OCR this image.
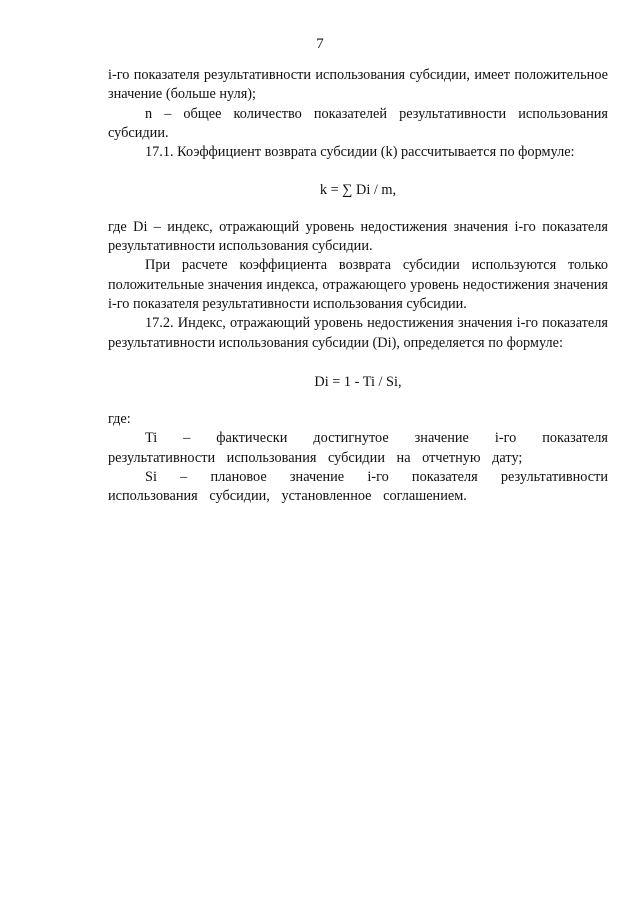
7

i-го показателя результативности использования субсидии, имеет положительное значение (больше нуля);

n – общее количество показателей результативности использования субсидии.

17.1. Коэффициент возврата субсидии (k) рассчитывается по формуле:

k = ∑ Di / m,

где Di – индекс, отражающий уровень недостижения значения i-го показателя результативности использования субсидии.

При расчете коэффициента возврата субсидии используются только положительные значения индекса, отражающего уровень недостижения значения i-го показателя результативности использования субсидии.

17.2. Индекс, отражающий уровень недостижения значения i-го показателя результативности использования субсидии (Di), определяется по формуле:

Di = 1 - Ti / Si,

где:

Ti – фактически достигнутое значение i-го показателя результативности использования субсидии на отчетную дату;

Si – плановое значение i-го показателя результативности использования субсидии, установленное соглашением.
